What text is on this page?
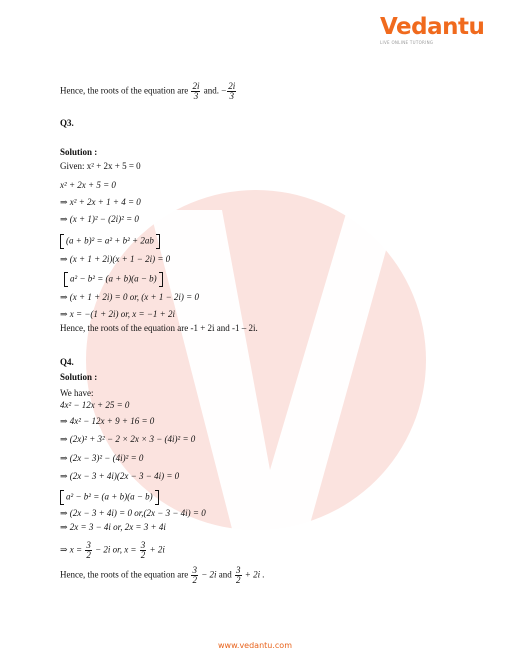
Vedantu
LIVE ONLINE TUTORING
Hence, the roots of the equation are $\frac{2i}{3}$ and. − $\frac{2i}{3}$
Q3.
Solution :
Given: x² + 2x + 5 = 0
x² + 2x + 5 = 0
⇒ x² + 2x + 1 + 4 = 0
⇒ (x + 1)² − (2i)² = 0
(a + b)² = a² + b² + 2ab
⇒ (x + 1 + 2i)(x + 1 − 2i) = 0
a² − b² = (a + b)(a − b)
⇒ (x + 1 + 2i) = 0 or, (x + 1 − 2i) = 0
⇒ x = −(1 + 2i) or, x = −1 + 2i
Hence, the roots of the equation are -1 + 2i and -1 – 2i.
Q4.
Solution :
We have:
4x² − 12x + 25 = 0
⇒ 4x² − 12x + 9 + 16 = 0
⇒ (2x)² + 3² − 2 × 2x × 3 − (4i)² = 0
⇒ (2x − 3)² − (4i)² = 0
⇒ (2x − 3 + 4i)(2x − 3 − 4i) = 0
a² − b² = (a + b)(a − b)
⇒ (2x − 3 + 4i) = 0 or,(2x − 3 − 4i) = 0
⇒ 2x = 3 − 4i or, 2x = 3 + 4i
⇒ $x = \frac{3}{2} - 2i$ or, $x = \frac{3}{2} + 2i$
Hence, the roots of the equation are $\frac{3}{2} - 2i$ and $\frac{3}{2} + 2i$ .
www.vedantu.com
